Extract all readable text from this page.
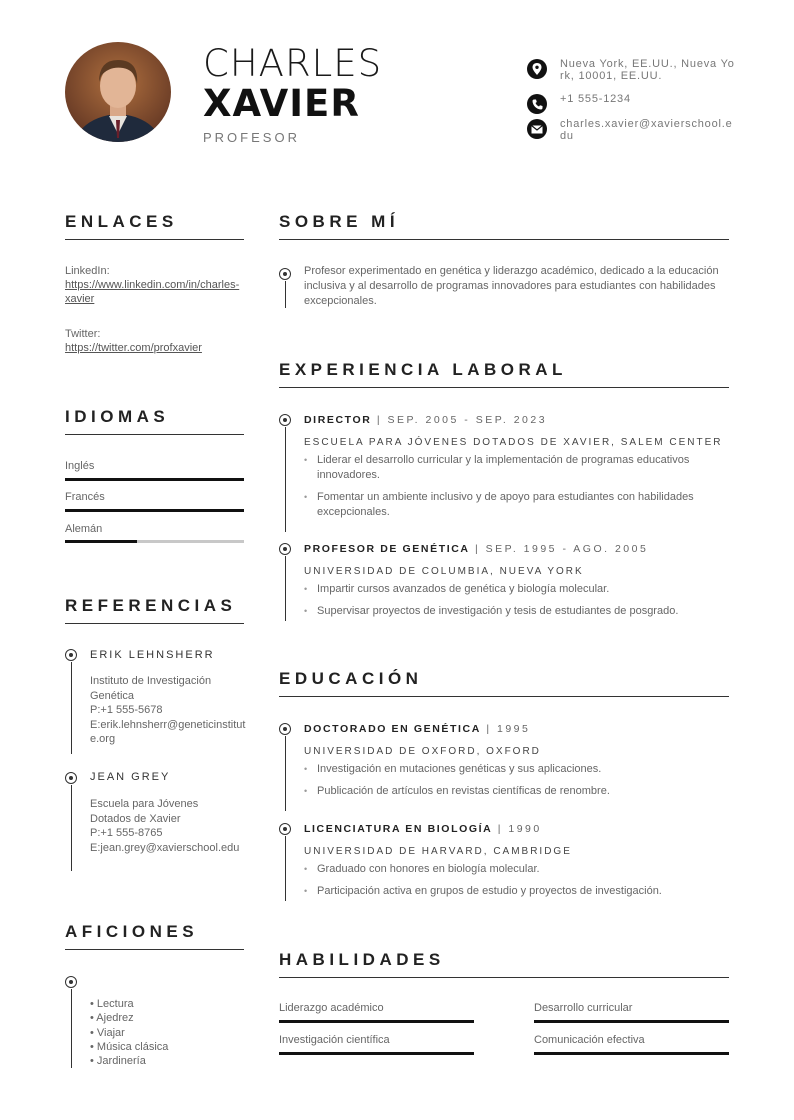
CHARLES
XAVIER
PROFESOR
Nueva York, EE.UU., Nueva York, 10001, EE.UU.
+1 555-1234
charles.xavier@xavierschool.edu
ENLACES
LinkedIn:
https://www.linkedin.com/in/charles-xavier
Twitter:
https://twitter.com/profxavier
IDIOMAS
Inglés
Francés
Alemán
REFERENCIAS
ERIK LEHNSHERR
Instituto de Investigación Genética
P:+1 555-5678
E:erik.lehnsherr@geneticinstitute.org
JEAN GREY
Escuela para Jóvenes Dotados de Xavier
P:+1 555-8765
E:jean.grey@xavierschool.edu
AFICIONES
• Lectura
• Ajedrez
• Viajar
• Música clásica
• Jardinería
SOBRE MÍ
Profesor experimentado en genética y liderazgo académico, dedicado a la educación inclusiva y al desarrollo de programas innovadores para estudiantes con habilidades excepcionales.
EXPERIENCIA LABORAL
DIRECTOR | SEP. 2005 - SEP. 2023
ESCUELA PARA JÓVENES DOTADOS DE XAVIER, SALEM CENTER
• Liderar el desarrollo curricular y la implementación de programas educativos innovadores.
• Fomentar un ambiente inclusivo y de apoyo para estudiantes con habilidades excepcionales.
PROFESOR DE GENÉTICA | SEP. 1995 - AGO. 2005
UNIVERSIDAD DE COLUMBIA, NUEVA YORK
• Impartir cursos avanzados de genética y biología molecular.
• Supervisar proyectos de investigación y tesis de estudiantes de posgrado.
EDUCACIÓN
DOCTORADO EN GENÉTICA | 1995
UNIVERSIDAD DE OXFORD, OXFORD
• Investigación en mutaciones genéticas y sus aplicaciones.
• Publicación de artículos en revistas científicas de renombre.
LICENCIATURA EN BIOLOGÍA | 1990
UNIVERSIDAD DE HARVARD, CAMBRIDGE
• Graduado con honores en biología molecular.
• Participación activa en grupos de estudio y proyectos de investigación.
HABILIDADES
Liderazgo académico	Desarrollo curricular
Investigación científica	Comunicación efectiva
